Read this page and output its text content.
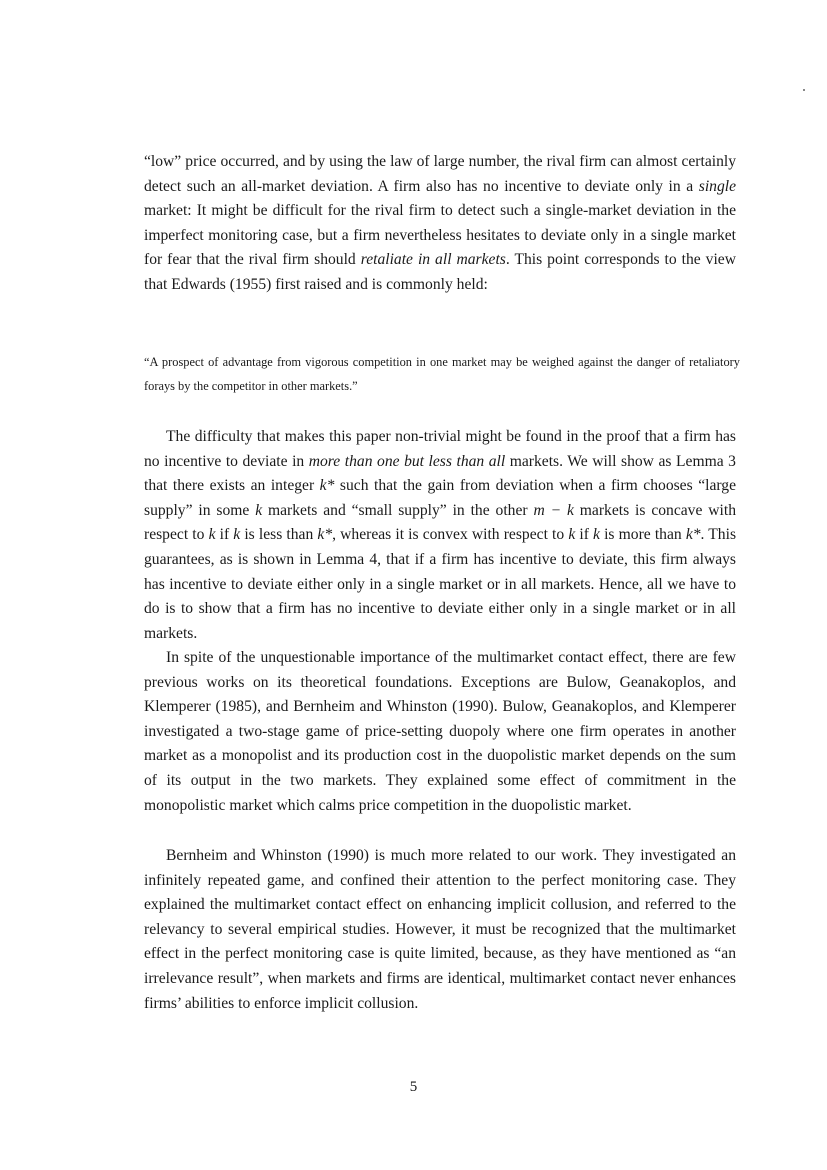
“low” price occurred, and by using the law of large number, the rival firm can almost certainly detect such an all-market deviation. A firm also has no incentive to deviate only in a single market: It might be difficult for the rival firm to detect such a single-market deviation in the imperfect monitoring case, but a firm nevertheless hesitates to deviate only in a single market for fear that the rival firm should retaliate in all markets. This point corresponds to the view that Edwards (1955) first raised and is commonly held:

“A prospect of advantage from vigorous competition in one market may be weighed against the danger of retaliatory forays by the competitor in other markets.”

The difficulty that makes this paper non-trivial might be found in the proof that a firm has no incentive to deviate in more than one but less than all markets. We will show as Lemma 3 that there exists an integer k* such that the gain from deviation when a firm chooses “large supply” in some k markets and “small supply” in the other m − k markets is concave with respect to k if k is less than k*, whereas it is convex with respect to k if k is more than k*. This guarantees, as is shown in Lemma 4, that if a firm has incentive to deviate, this firm always has incentive to deviate either only in a single market or in all markets. Hence, all we have to do is to show that a firm has no incentive to deviate either only in a single market or in all markets.

In spite of the unquestionable importance of the multimarket contact effect, there are few previous works on its theoretical foundations. Exceptions are Bulow, Geanakoplos, and Klemperer (1985), and Bernheim and Whinston (1990). Bulow, Geanakoplos, and Klemperer investigated a two-stage game of price-setting duopoly where one firm operates in another market as a monopolist and its production cost in the duopolistic market depends on the sum of its output in the two markets. They explained some effect of commitment in the monopolistic market which calms price competition in the duopolistic market.

Bernheim and Whinston (1990) is much more related to our work. They investigated an infinitely repeated game, and confined their attention to the perfect monitoring case. They explained the multimarket contact effect on enhancing implicit collusion, and referred to the relevancy to several empirical studies. However, it must be recognized that the multimarket effect in the perfect monitoring case is quite limited, because, as they have mentioned as “an irrelevance result”, when markets and firms are identical, multimarket contact never enhances firms’ abilities to enforce implicit collusion.

5
